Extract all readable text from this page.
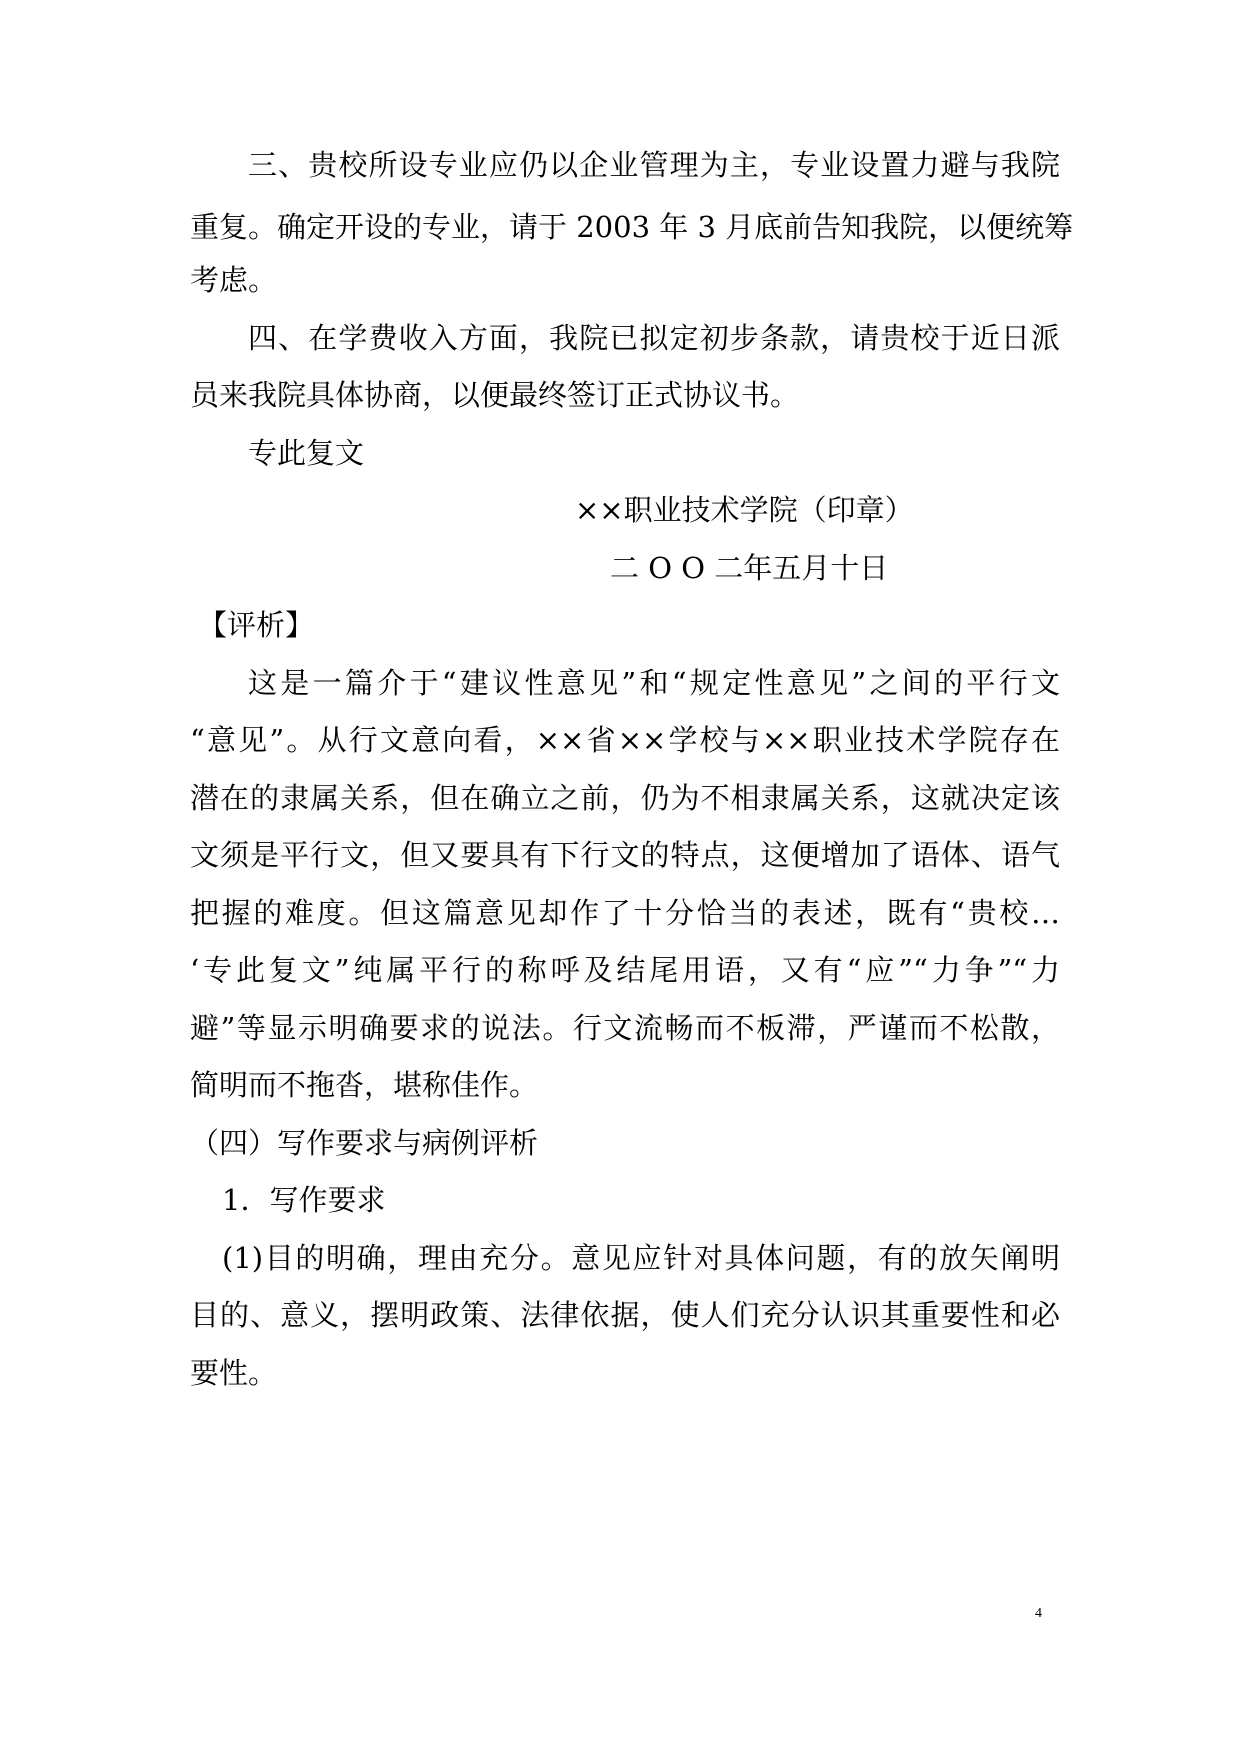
三、贵校所设专业应仍以企业管理为主，专业设置力避与我院

重复。确定开设的专业，请于 2003 年 3 月底前告知我院，以便统筹

考虑。

四、在学费收入方面，我院已拟定初步条款，请贵校于近日派

员来我院具体协商，以便最终签订正式协议书。

专此复文

××职业技术学院（印章）

二 O O 二年五月十日

【评析】

这是一篇介于“建议性意见”和“规定性意见”之间的平行文

“意见”。从行文意向看，××省××学校与××职业技术学院存在

潜在的隶属关系，但在确立之前，仍为不相隶属关系，这就决定该

文须是平行文，但又要具有下行文的特点，这便增加了语体、语气

把握的难度。但这篇意见却作了十分恰当的表述，既有“贵校…

‘专此复文”纯属平行的称呼及结尾用语，又有“应”“力争”“力

避”等显示明确要求的说法。行文流畅而不板滞，严谨而不松散，

简明而不拖沓，堪称佳作。

（四）写作要求与病例评析

1．写作要求

(1)目的明确，理由充分。意见应针对具体问题，有的放矢阐明

目的、意义，摆明政策、法律依据，使人们充分认识其重要性和必

要性。

4
